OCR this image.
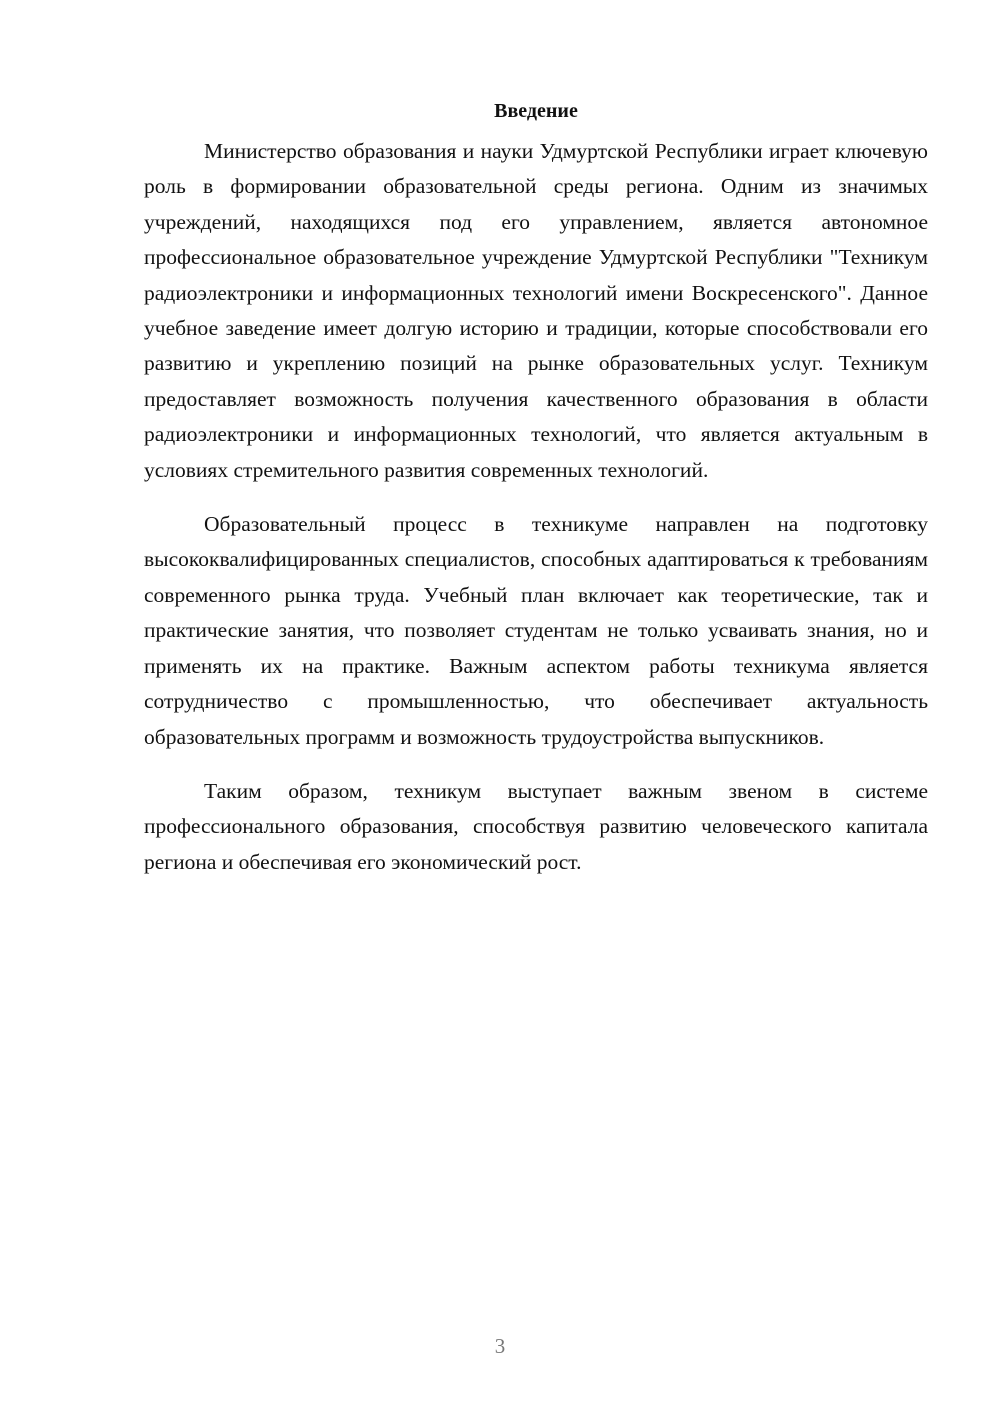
Введение

Министерство образования и науки Удмуртской Республики играет ключевую роль в формировании образовательной среды региона. Одним из значимых учреждений, находящихся под его управлением, является автономное профессиональное образовательное учреждение Удмуртской Республики "Техникум радиоэлектроники и информационных технологий имени Воскресенского". Данное учебное заведение имеет долгую историю и традиции, которые способствовали его развитию и укреплению позиций на рынке образовательных услуг. Техникум предоставляет возможность получения качественного образования в области радиоэлектроники и информационных технологий, что является актуальным в условиях стремительного развития современных технологий.

Образовательный процесс в техникуме направлен на подготовку высококвалифицированных специалистов, способных адаптироваться к требованиям современного рынка труда. Учебный план включает как теоретические, так и практические занятия, что позволяет студентам не только усваивать знания, но и применять их на практике. Важным аспектом работы техникума является сотрудничество с промышленностью, что обеспечивает актуальность образовательных программ и возможность трудоустройства выпускников.

Таким образом, техникум выступает важным звеном в системе профессионального образования, способствуя развитию человеческого капитала региона и обеспечивая его экономический рост.

3
